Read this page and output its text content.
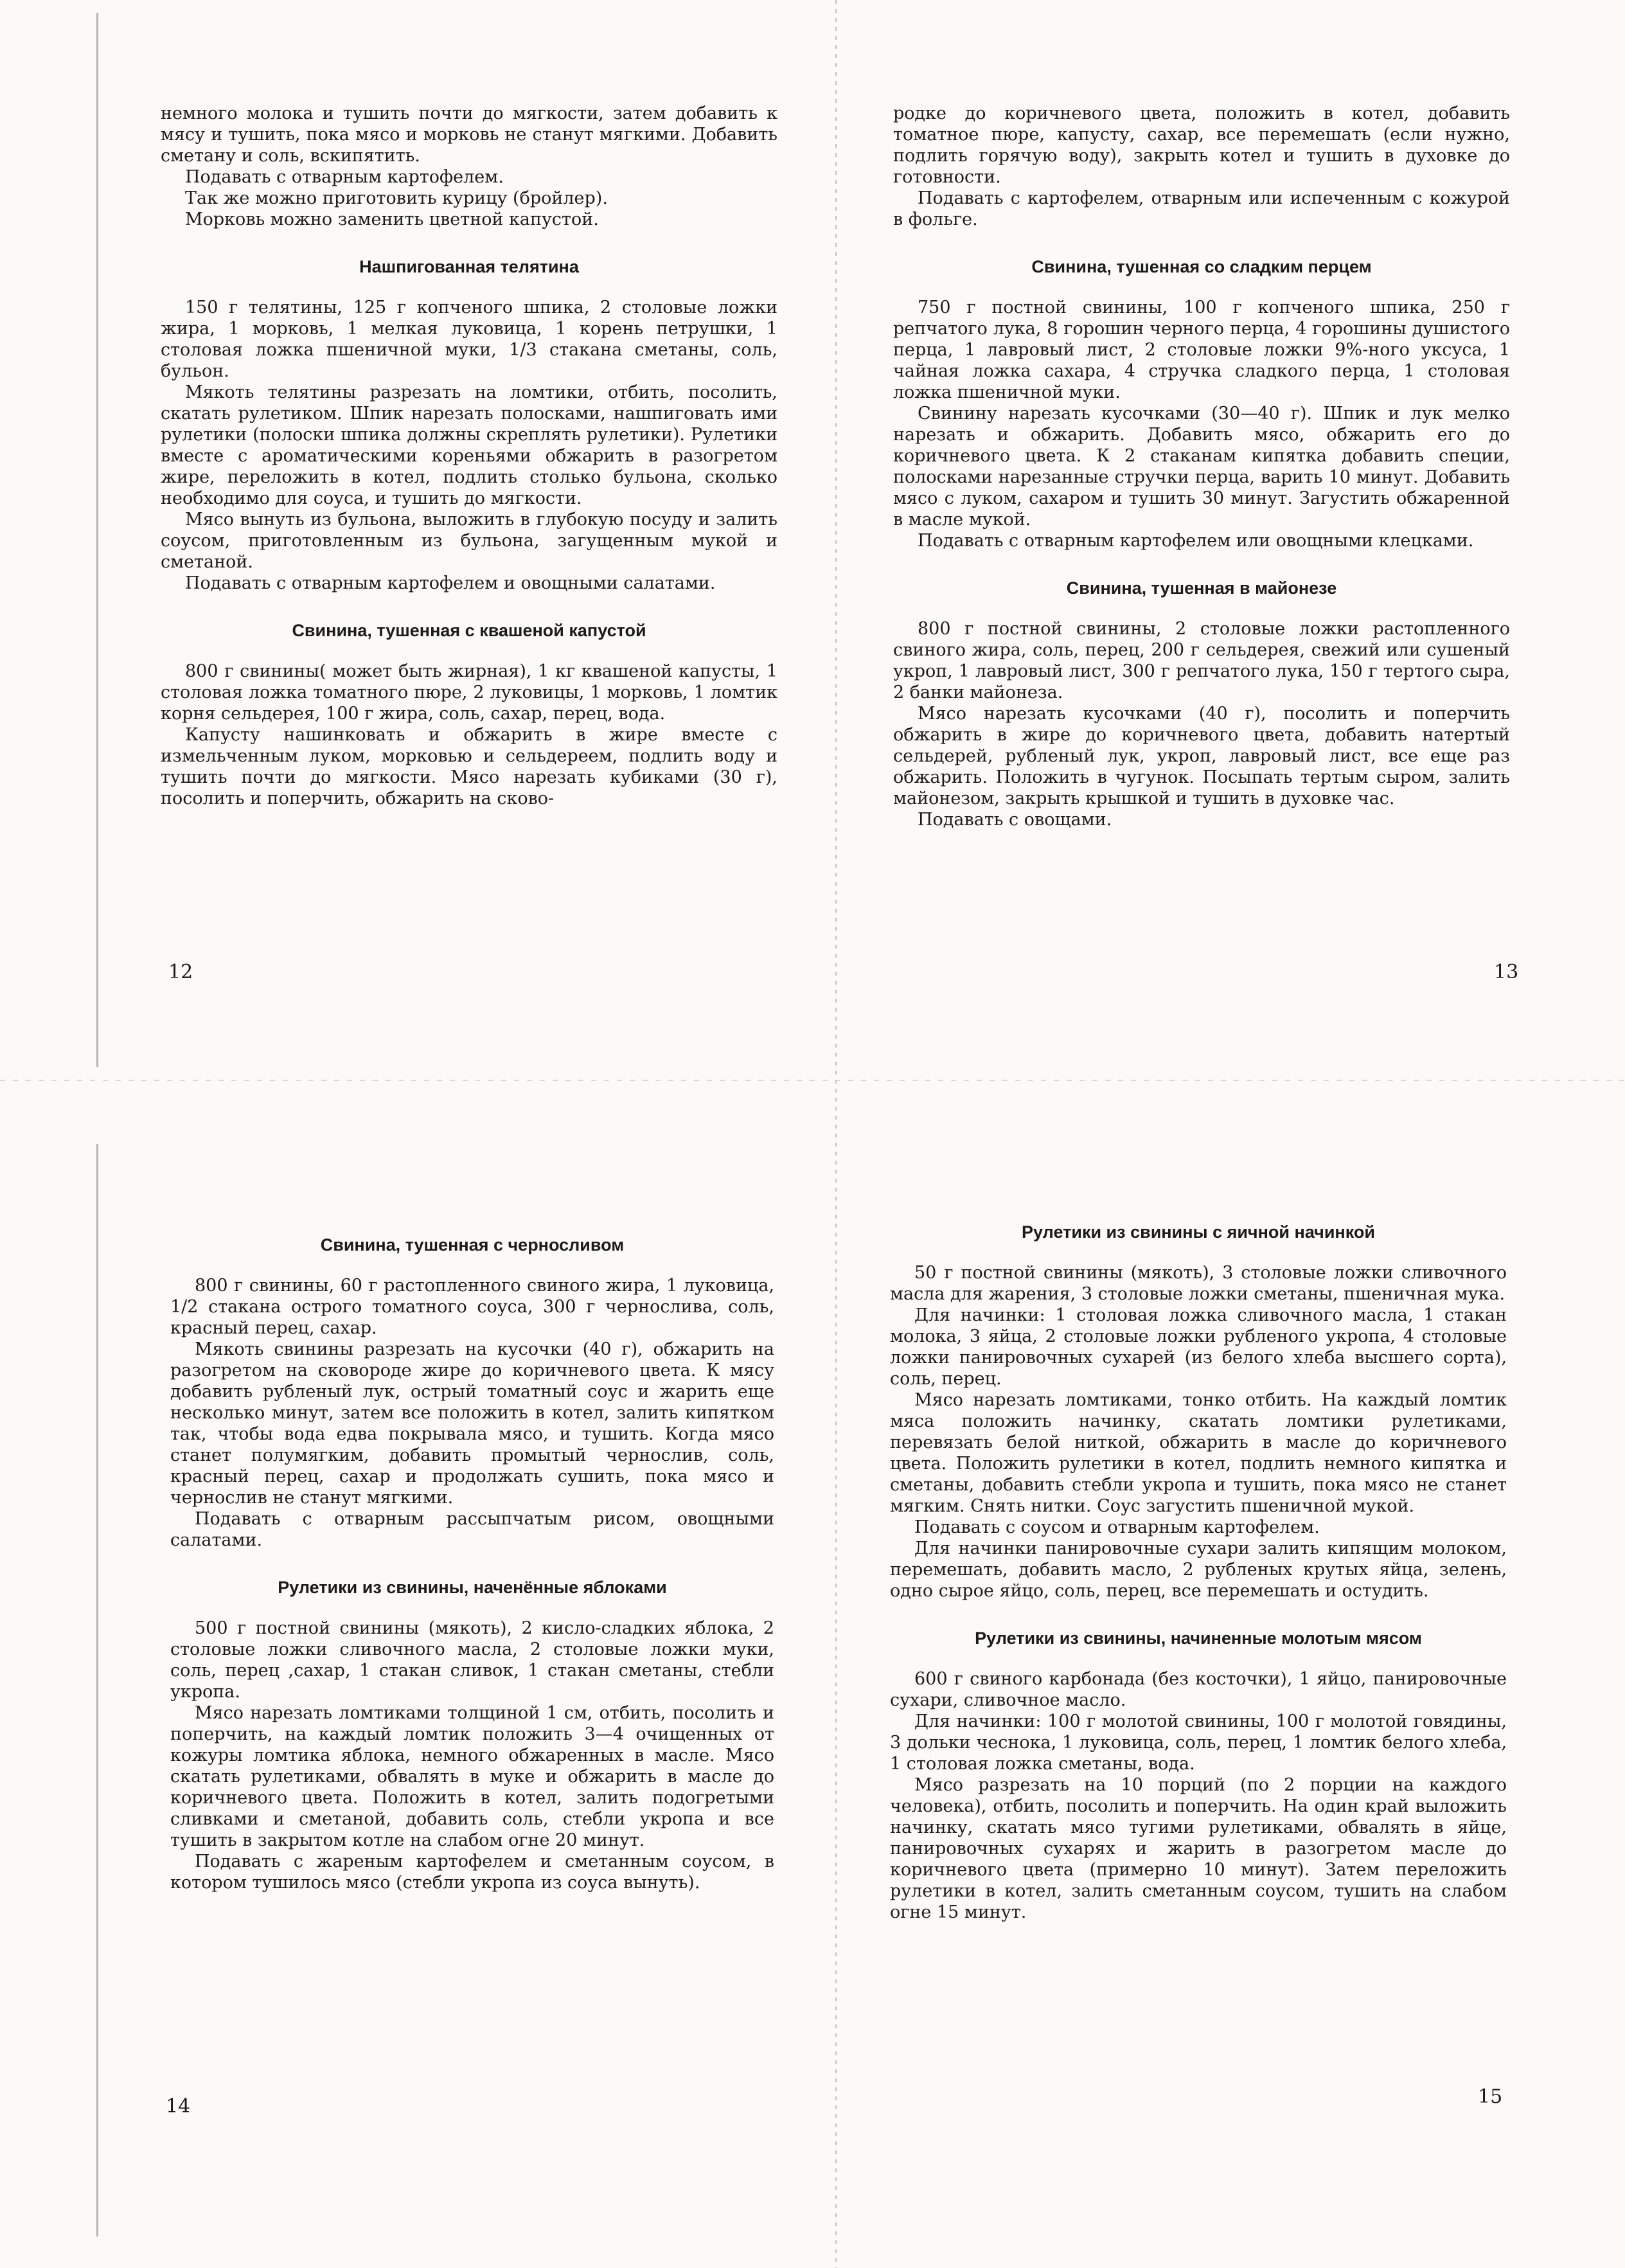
немного молока и тушить почти до мягкости, затем добавить к мясу и тушить, пока мясо и морковь не станут мягкими. Добавить сметану и соль, вскипятить.

Подавать с отварным картофелем.

Так же можно приготовить курицу (бройлер).

Морковь можно заменить цветной капустой.

Нашпигованная телятина

150 г телятины, 125 г копченого шпика, 2 столовые ложки жира, 1 морковь, 1 мелкая луковица, 1 корень петрушки, 1 столовая ложка пшеничной муки, 1/3 стакана сметаны, соль, бульон.

Мякоть телятины разрезать на ломтики, отбить, посолить, скатать рулетиком. Шпик нарезать полосками, нашпиговать ими рулетики (полоски шпика должны скреплять рулетики). Рулетики вместе с ароматическими кореньями обжарить в разогретом жире, переложить в котел, подлить столько бульона, сколько необходимо для соуса, и тушить до мягкости.

Мясо вынуть из бульона, выложить в глубокую посуду и залить соусом, приготовленным из бульона, загущенным мукой и сметаной.

Подавать с отварным картофелем и овощными салатами.

Свинина, тушенная с квашеной капустой

800 г свинины( может быть жирная), 1 кг квашеной капусты, 1 столовая ложка томатного пюре, 2 луковицы, 1 морковь, 1 ломтик корня сельдерея, 100 г жира, соль, сахар, перец, вода.

Капусту нашинковать и обжарить в жире вместе с измельченным луком, морковью и сельдереем, подлить воду и тушить почти до мягкости. Мясо нарезать кубиками (30 г), посолить и поперчить, обжарить на сково-

12

родке до коричневого цвета, положить в котел, добавить томатное пюре, капусту, сахар, все перемешать (если нужно, подлить горячую воду), закрыть котел и тушить в духовке до готовности.

Подавать с картофелем, отварным или испеченным с кожурой в фольге.

Свинина, тушенная со сладким перцем

750 г постной свинины, 100 г копченого шпика, 250 г репчатого лука, 8 горошин черного перца, 4 горошины душистого перца, 1 лавровый лист, 2 столовые ложки 9%-ного уксуса, 1 чайная ложка сахара, 4 стручка сладкого перца, 1 столовая ложка пшеничной муки.

Свинину нарезать кусочками (30—40 г). Шпик и лук мелко нарезать и обжарить. Добавить мясо, обжарить его до коричневого цвета. К 2 стаканам кипятка добавить специи, полосками нарезанные стручки перца, варить 10 минут. Добавить мясо с луком, сахаром и тушить 30 минут. Загустить обжаренной в масле мукой.

Подавать с отварным картофелем или овощными клецками.

Свинина, тушенная в майонезе

800 г постной свинины, 2 столовые ложки растопленного свиного жира, соль, перец, 200 г сельдерея, свежий или сушеный укроп, 1 лавровый лист, 300 г репчатого лука, 150 г тертого сыра, 2 банки майонеза.

Мясо нарезать кусочками (40 г), посолить и поперчить обжарить в жире до коричневого цвета, добавить натертый сельдерей, рубленый лук, укроп, лавровый лист, все еще раз обжарить. Положить в чугунок. Посыпать тертым сыром, залить майонезом, закрыть крышкой и тушить в духовке час.

Подавать с овощами.

13
Свинина, тушенная с черносливом

800 г свинины, 60 г растопленного свиного жира, 1 луковица, 1/2 стакана острого томатного соуса, 300 г чернослива, соль, красный перец, сахар.

Мякоть свинины разрезать на кусочки (40 г), обжарить на разогретом на сковороде жире до коричневого цвета. К мясу добавить рубленый лук, острый томатный соус и жарить еще несколько минут, затем все положить в котел, залить кипятком так, чтобы вода едва покрывала мясо, и тушить. Когда мясо станет полумягким, добавить промытый чернослив, соль, красный перец, сахар и продолжать сушить, пока мясо и чернослив не станут мягкими.

Подавать с отварным рассыпчатым рисом, овощными салатами.

Рулетики из свинины, наченённые яблоками

500 г постной свинины (мякоть), 2 кисло-сладких яблока, 2 столовые ложки сливочного масла, 2 столовые ложки муки, соль, перец ,сахар, 1 стакан сливок, 1 стакан сметаны, стебли укропа.

Мясо нарезать ломтиками толщиной 1 см, отбить, посолить и поперчить, на каждый ломтик положить 3—4 очищенных от кожуры ломтика яблока, немного обжаренных в масле. Мясо скатать рулетиками, обвалять в муке и обжарить в масле до коричневого цвета. Положить в котел, залить подогретыми сливками и сметаной, добавить соль, стебли укропа и все тушить в закрытом котле на слабом огне 20 минут.

Подавать с жареным картофелем и сметанным соусом, в котором тушилось мясо (стебли укропа из соуса вынуть).

14
Рулетики из свинины с яичной начинкой

50 г постной свинины (мякоть), 3 столовые ложки сливочного масла для жарения, 3 столовые ложки сметаны, пшеничная мука.

Для начинки: 1 столовая ложка сливочного масла, 1 стакан молока, 3 яйца, 2 столовые ложки рубленого укропа, 4 столовые ложки панировочных сухарей (из белого хлеба высшего сорта), соль, перец.

Мясо нарезать ломтиками, тонко отбить. На каждый ломтик мяса положить начинку, скатать ломтики рулетиками, перевязать белой ниткой, обжарить в масле до коричневого цвета. Положить рулетики в котел, подлить немного кипятка и сметаны, добавить стебли укропа и тушить, пока мясо не станет мягким. Снять нитки. Соус загустить пшеничной мукой.

Подавать с соусом и отварным картофелем.

Для начинки панировочные сухари залить кипящим молоком, перемешать, добавить масло, 2 рубленых крутых яйца, зелень, одно сырое яйцо, соль, перец, все перемешать и остудить.

Рулетики из свинины, начиненные молотым мясом

600 г свиного карбонада (без косточки), 1 яйцо, панировочные сухари, сливочное масло.

Для начинки: 100 г молотой свинины, 100 г молотой говядины, 3 дольки чеснока, 1 луковица, соль, перец, 1 ломтик белого хлеба, 1 столовая ложка сметаны, вода.

Мясо разрезать на 10 порций (по 2 порции на каждого человека), отбить, посолить и поперчить. На один край выложить начинку, скатать мясо тугими рулетиками, обвалять в яйце, панировочных сухарях и жарить в разогретом масле до коричневого цвета (примерно 10 минут). Затем переложить рулетики в котел, залить сметанным соусом, тушить на слабом огне 15 минут.

15
